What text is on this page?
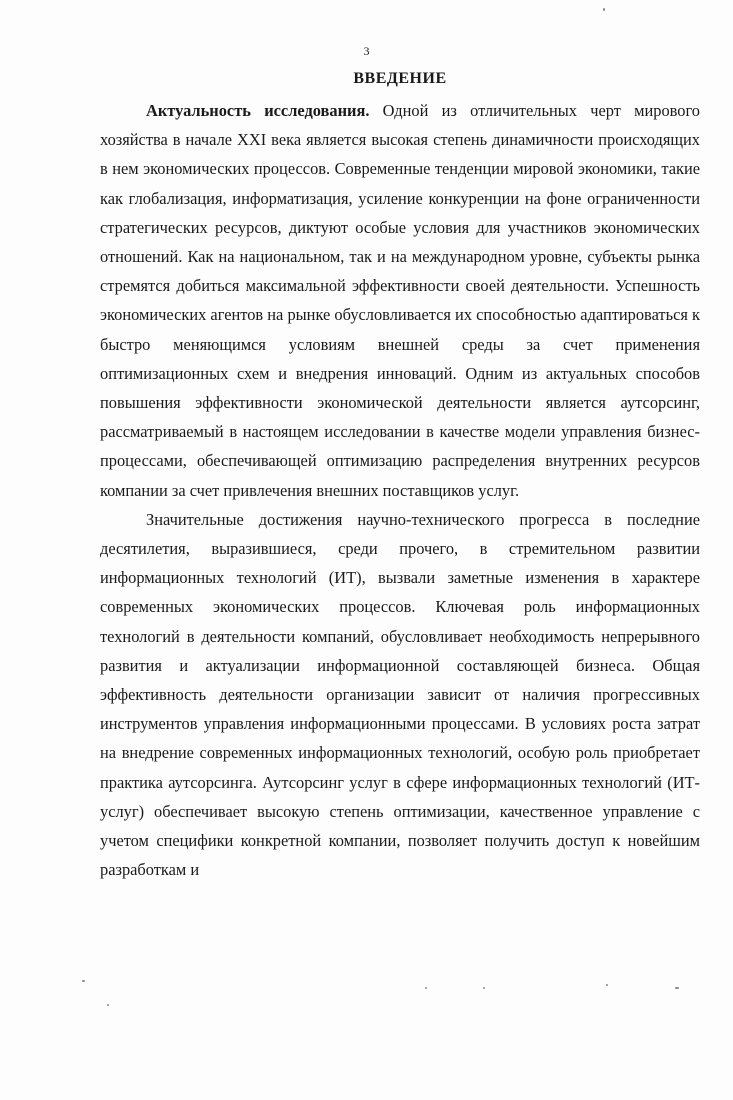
3
ВВЕДЕНИЕ

Актуальность исследования. Одной из отличительных черт мирового хозяйства в начале XXI века является высокая степень динамичности происходящих в нем экономических процессов. Современные тенденции мировой экономики, такие как глобализация, информатизация, усиление конкуренции на фоне ограниченности стратегических ресурсов, диктуют особые условия для участников экономических отношений. Как на национальном, так и на международном уровне, субъекты рынка стремятся добиться максимальной эффективности своей деятельности. Успешность экономических агентов на рынке обусловливается их способностью адаптироваться к быстро меняющимся условиям внешней среды за счет применения оптимизационных схем и внедрения инноваций. Одним из актуальных способов повышения эффективности экономической деятельности является аутсорсинг, рассматриваемый в настоящем исследовании в качестве модели управления бизнес-процессами, обеспечивающей оптимизацию распределения внутренних ресурсов компании за счет привлечения внешних поставщиков услуг.

Значительные достижения научно-технического прогресса в последние десятилетия, выразившиеся, среди прочего, в стремительном развитии информационных технологий (ИТ), вызвали заметные изменения в характере современных экономических процессов. Ключевая роль информационных технологий в деятельности компаний, обусловливает необходимость непрерывного развития и актуализации информационной составляющей бизнеса. Общая эффективность деятельности организации зависит от наличия прогрессивных инструментов управления информационными процессами. В условиях роста затрат на внедрение современных информационных технологий, особую роль приобретает практика аутсорсинга. Аутсорсинг услуг в сфере информационных технологий (ИТ-услуг) обеспечивает высокую степень оптимизации, качественное управление с учетом специфики конкретной компании, позволяет получить доступ к новейшим разработкам и
